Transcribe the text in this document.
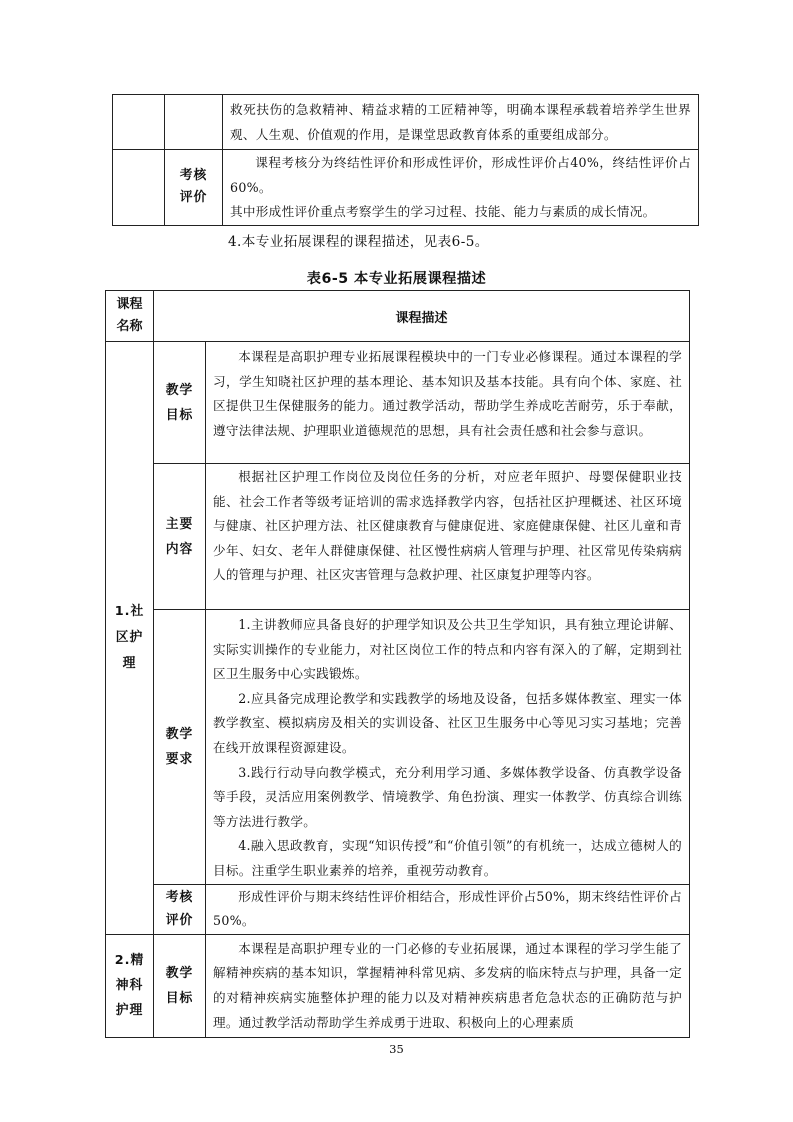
		救死扶伤的急救精神、精益求精的工匠精神等，明确本课程承载着培养学生世界观、人生观、价值观的作用，是课堂思政教育体系的重要组成部分。

	考核评价	课程考核分为终结性评价和形成性评价，形成性评价占40%，终结性评价占60%。
其中形成性评价重点考察学生的学习过程、技能、能力与素质的成长情况。
4.本专业拓展课程的课程描述，见表6-5。
表6-5 本专业拓展课程描述
课程名称	课程描述	

1.社区护理	教学目标	本课程是高职护理专业拓展课程模块中的一门专业必修课程。通过本课程的学习，学生知晓社区护理的基本理论、基本知识及基本技能。具有向个体、家庭、社区提供卫生保健服务的能力。通过教学活动，帮助学生养成吃苦耐劳，乐于奉献，遵守法律法规、护理职业道德规范的思想，具有社会责任感和社会参与意识。

	主要内容	根据社区护理工作岗位及岗位任务的分析，对应老年照护、母婴保健职业技能、社会工作者等级考证培训的需求选择教学内容，包括社区护理概述、社区环境与健康、社区护理方法、社区健康教育与健康促进、家庭健康保健、社区儿童和青少年、妇女、老年人群健康保健、社区慢性病病人管理与护理、社区常见传染病病人的管理与护理、社区灾害管理与急救护理、社区康复护理等内容。

	教学要求	1.主讲教师应具备良好的护理学知识及公共卫生学知识，具有独立理论讲解、实际实训操作的专业能力，对社区岗位工作的特点和内容有深入的了解，定期到社区卫生服务中心实践锻炼。
2.应具备完成理论教学和实践教学的场地及设备，包括多媒体教室、理实一体教学教室、模拟病房及相关的实训设备、社区卫生服务中心等见习实习基地；完善在线开放课程资源建设。
3.践行行动导向教学模式，充分利用学习通、多媒体教学设备、仿真教学设备等手段，灵活应用案例教学、情境教学、角色扮演、理实一体教学、仿真综合训练等方法进行教学。
4.融入思政教育，实现“知识传授”和“价值引领”的有机统一，达成立德树人的目标。注重学生职业素养的培养，重视劳动教育。

	考核评价	形成性评价与期末终结性评价相结合，形成性评价占50%，期末终结性评价占50%。

2.精神科护理	教学目标	本课程是高职护理专业的一门必修的专业拓展课，通过本课程的学习学生能了解精神疾病的基本知识，掌握精神科常见病、多发病的临床特点与护理，具备一定的对精神疾病实施整体护理的能力以及对精神疾病患者危急状态的正确防范与护理。通过教学活动帮助学生养成勇于进取、积极向上的心理素质
35
